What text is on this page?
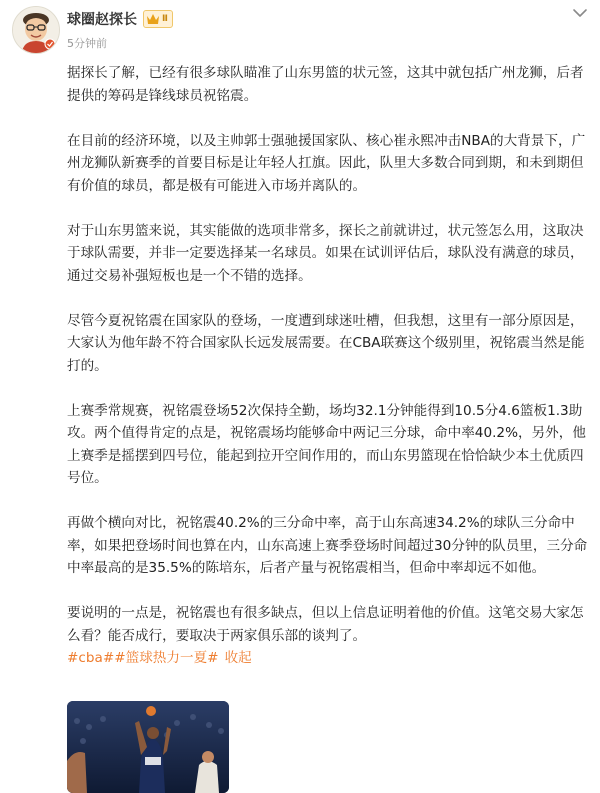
球圈赵探长	Ⅱ
5分钟前

据探长了解，已经有很多球队瞄准了山东男篮的状元签，这其中就包括广州龙狮，后者提供的筹码是锋线球员祝铭震。

在目前的经济环境，以及主帅郭士强驰援国家队、核心崔永熙冲击NBA的大背景下，广州龙狮队新赛季的首要目标是让年轻人扛旗。因此，队里大多数合同到期，和未到期但有价值的球员，都是极有可能进入市场并离队的。

对于山东男篮来说，其实能做的选项非常多，探长之前就讲过，状元签怎么用，这取决于球队需要，并非一定要选择某一名球员。如果在试训评估后，球队没有满意的球员，通过交易补强短板也是一个不错的选择。

尽管今夏祝铭震在国家队的登场，一度遭到球迷吐槽，但我想，这里有一部分原因是，大家认为他年龄不符合国家队长远发展需要。在CBA联赛这个级别里，祝铭震当然是能打的。

上赛季常规赛，祝铭震登场52次保持全勤，场均32.1分钟能得到10.5分4.6篮板1.3助攻。两个值得肯定的点是，祝铭震场均能够命中两记三分球，命中率40.2%，另外，他上赛季是摇摆到四号位，能起到拉开空间作用的，而山东男篮现在恰恰缺少本土优质四号位。

再做个横向对比，祝铭震40.2%的三分命中率，高于山东高速34.2%的球队三分命中率，如果把登场时间也算在内，山东高速上赛季登场时间超过30分钟的队员里，三分命中率最高的是35.5%的陈培东，后者产量与祝铭震相当，但命中率却远不如他。

要说明的一点是，祝铭震也有很多缺点，但以上信息证明着他的价值。这笔交易大家怎么看？能否成行，要取决于两家俱乐部的谈判了。

#cba##篮球热力一夏# 收起
